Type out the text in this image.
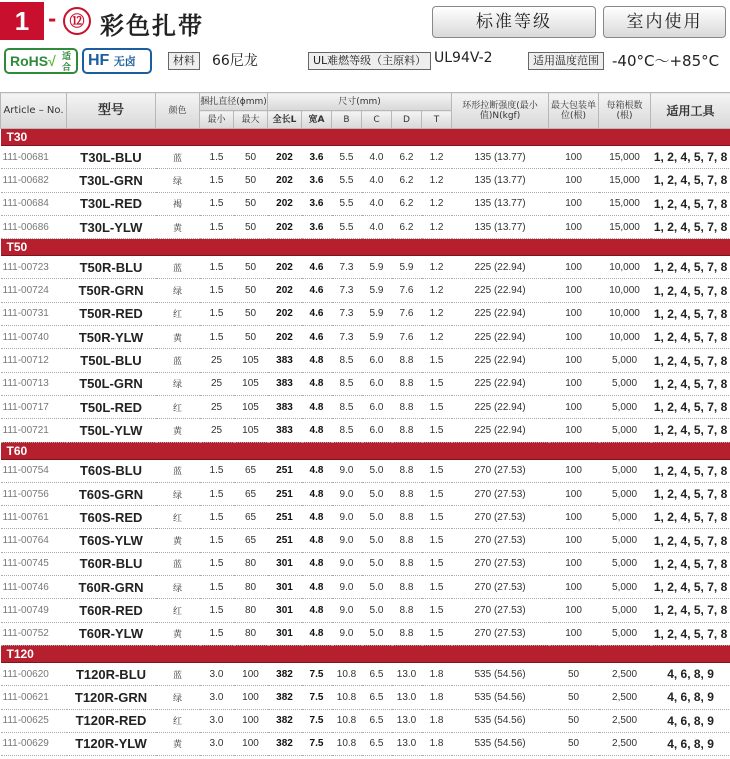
1 - ⑫ 彩色扎带	标准等级	室内使用
RoHS√ 适合	HF 无卤	材料	66尼龙	UL难燃等级（主原料） UL94V-2	适用温度范围 -40°C～+85°C
Article – No.	型号	颜色	捆扎直径(ϕmm)		尺寸(mm)						环形拉断强度(最小值)N(kgf)	最大包装单位(根)	每箱根数(根)	适用工具
			最小	最大	全长L	宽A	B	C	D	T				
T30														
111-00681	T30L-BLU	蓝	1.5	50	202	3.6	5.5	4.0	6.2	1.2	135 (13.77)	100	15,000	1, 2, 4, 5, 7, 8
111-00682	T30L-GRN	绿	1.5	50	202	3.6	5.5	4.0	6.2	1.2	135 (13.77)	100	15,000	1, 2, 4, 5, 7, 8
111-00684	T30L-RED	褐	1.5	50	202	3.6	5.5	4.0	6.2	1.2	135 (13.77)	100	15,000	1, 2, 4, 5, 7, 8
111-00686	T30L-YLW	黄	1.5	50	202	3.6	5.5	4.0	6.2	1.2	135 (13.77)	100	15,000	1, 2, 4, 5, 7, 8
T50														
111-00723	T50R-BLU	蓝	1.5	50	202	4.6	7.3	5.9	5.9	1.2	225 (22.94)	100	10,000	1, 2, 4, 5, 7, 8
111-00724	T50R-GRN	绿	1.5	50	202	4.6	7.3	5.9	7.6	1.2	225 (22.94)	100	10,000	1, 2, 4, 5, 7, 8
111-00731	T50R-RED	红	1.5	50	202	4.6	7.3	5.9	7.6	1.2	225 (22.94)	100	10,000	1, 2, 4, 5, 7, 8
111-00740	T50R-YLW	黄	1.5	50	202	4.6	7.3	5.9	7.6	1.2	225 (22.94)	100	10,000	1, 2, 4, 5, 7, 8
111-00712	T50L-BLU	蓝	25	105	383	4.8	8.5	6.0	8.8	1.5	225 (22.94)	100	5,000	1, 2, 4, 5, 7, 8
111-00713	T50L-GRN	绿	25	105	383	4.8	8.5	6.0	8.8	1.5	225 (22.94)	100	5,000	1, 2, 4, 5, 7, 8
111-00717	T50L-RED	红	25	105	383	4.8	8.5	6.0	8.8	1.5	225 (22.94)	100	5,000	1, 2, 4, 5, 7, 8
111-00721	T50L-YLW	黄	25	105	383	4.8	8.5	6.0	8.8	1.5	225 (22.94)	100	5,000	1, 2, 4, 5, 7, 8
T60														
111-00754	T60S-BLU	蓝	1.5	65	251	4.8	9.0	5.0	8.8	1.5	270 (27.53)	100	5,000	1, 2, 4, 5, 7, 8
111-00756	T60S-GRN	绿	1.5	65	251	4.8	9.0	5.0	8.8	1.5	270 (27.53)	100	5,000	1, 2, 4, 5, 7, 8
111-00761	T60S-RED	红	1.5	65	251	4.8	9.0	5.0	8.8	1.5	270 (27.53)	100	5,000	1, 2, 4, 5, 7, 8
111-00764	T60S-YLW	黄	1.5	65	251	4.8	9.0	5.0	8.8	1.5	270 (27.53)	100	5,000	1, 2, 4, 5, 7, 8
111-00745	T60R-BLU	蓝	1.5	80	301	4.8	9.0	5.0	8.8	1.5	270 (27.53)	100	5,000	1, 2, 4, 5, 7, 8
111-00746	T60R-GRN	绿	1.5	80	301	4.8	9.0	5.0	8.8	1.5	270 (27.53)	100	5,000	1, 2, 4, 5, 7, 8
111-00749	T60R-RED	红	1.5	80	301	4.8	9.0	5.0	8.8	1.5	270 (27.53)	100	5,000	1, 2, 4, 5, 7, 8
111-00752	T60R-YLW	黄	1.5	80	301	4.8	9.0	5.0	8.8	1.5	270 (27.53)	100	5,000	1, 2, 4, 5, 7, 8
T120														
111-00620	T120R-BLU	蓝	3.0	100	382	7.5	10.8	6.5	13.0	1.8	535 (54.56)	50	2,500	4, 6, 8, 9
111-00621	T120R-GRN	绿	3.0	100	382	7.5	10.8	6.5	13.0	1.8	535 (54.56)	50	2,500	4, 6, 8, 9
111-00625	T120R-RED	红	3.0	100	382	7.5	10.8	6.5	13.0	1.8	535 (54.56)	50	2,500	4, 6, 8, 9
111-00629	T120R-YLW	黄	3.0	100	382	7.5	10.8	6.5	13.0	1.8	535 (54.56)	50	2,500	4, 6, 8, 9
